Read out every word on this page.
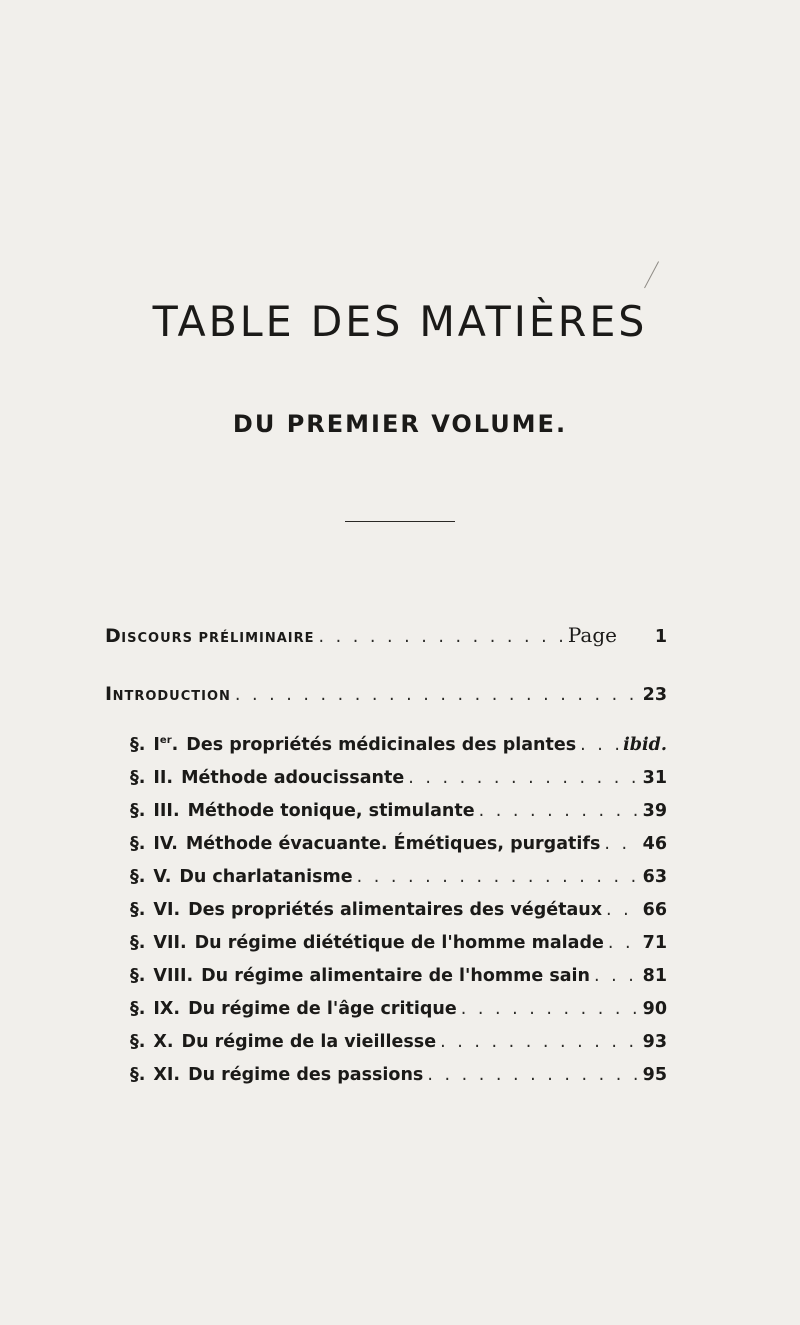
TABLE DES MATIÈRES
DU PREMIER VOLUME.
DISCOURS PRÉLIMINAIRE . . .	Page	1
INTRODUCTION . . .	23
§. Ier. Des propriétés médicinales des plantes . . .	ibid.
§. II. Méthode adoucissante . . .	31
§. III. Méthode tonique, stimulante . . .	39
§. IV. Méthode évacuante. Émétiques, purgatifs . . . 46
§. V. Du charlatanisme . . .	63
§. VI. Des propriétés alimentaires des végétaux . . . 66
§. VII. Du régime diététique de l'homme malade . . . 71
§. VIII. Du régime alimentaire de l'homme sain . . .	81
§. IX. Du régime de l'âge critique . . .	90
§. X. Du régime de la vieillesse . . .	93
§. XI. Du régime des passions . . .	95
